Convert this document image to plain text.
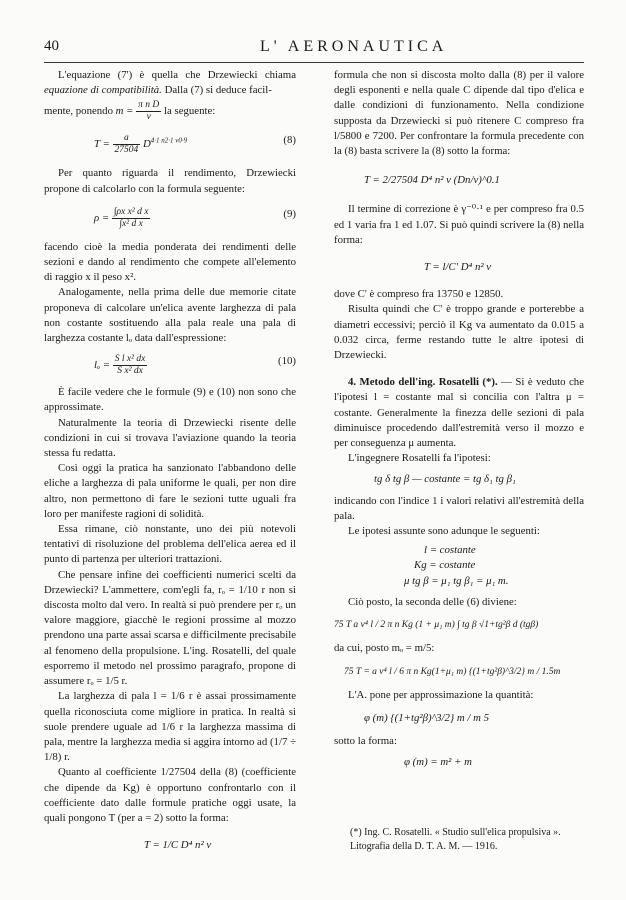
40	L' AERONAUTICA

L'equazione (7') è quella che Drzewiecki chiama equazione di compatibilità. Dalla (7) si deduce facil-

mente, ponendo $m = \frac{\text{π n D}}{v}$ la seguente:

$T = \frac{a}{27504} D^{4\cdot 1 n2\cdot 1 v0\cdot 9}$	(8)

Per quanto riguarda il rendimento, Drzewiecki propone di calcolarlo con la formula seguente:

$\rho = \frac{\text{∫ρx x² d x}}{\text{∫x² d x}}$	(9)

facendo cioè la media ponderata dei rendimenti delle sezioni e dando al rendimento che compete all'elemento di raggio x il peso x².

Analogamente, nella prima delle due memorie citate proponeva di calcolare un'elica avente larghezza di pala non costante sostituendo alla pala reale una pala di larghezza costante lₒ data dall'espressione:

$l_o = \frac{\text{S l x² dx}}{\text{S x² dx}}$	(10)

È facile vedere che le formule (9) e (10) non sono che approssimate.

Naturalmente la teoria di Drzewiecki risente delle condizioni in cui si trovava l'aviazione quando la teoria stessa fu redatta.

Così oggi la pratica ha sanzionato l'abbandono delle eliche a larghezza di pala uniforme le quali, per non dire altro, non permettono di fare le sezioni tutte uguali fra loro per manifeste ragioni di solidità.

Essa rimane, ciò nonstante, uno dei più notevoli tentativi di risoluzione del problema dell'elica aerea ed il punto di partenza per ulteriori trattazioni.

Che pensare infine dei coefficienti numerici scelti da Drzewiecki? L'ammettere, com'egli fa, rₒ = 1/10 r non si discosta molto dal vero. In realtà si può prendere per rₒ un valore maggiore, giacchè le regioni prossime al mozzo prendono una parte assai scarsa e difficilmente precisabile al fenomeno della propulsione. L'ing. Rosatelli, del quale esporremo il metodo nel prossimo paragrafo, propone di assumere rₒ = 1/5 r.

La larghezza di pala l = 1/6 r è assai prossimamente quella riconosciuta come migliore in pratica. In realtà si suole prendere uguale ad 1/6 r la larghezza massima di pala, mentre la larghezza media si aggira intorno ad (1/7 ÷ 1/8) r.

Quanto al coefficiente 1/27504 della (8) (coefficiente che dipende da Kg) è opportuno confrontarlo con il coefficiente dato dalle formule pratiche oggi usate, la quali pongono T (per a = 2) sotto la forma:

T = 1/C D⁴ n² v

formula che non si discosta molto dalla (8) per il valore degli esponenti e nella quale C dipende dal tipo d'elica e dalle condizioni di funzionamento. Nella condizione supposta da Drzewiecki si può ritenere C compreso fra l/5800 e 7200. Per confrontare la formula precedente con la (8) basta scrivere la (8) sotto la forma:

T = 2/27504 D⁴ n² v (Dn/v)^0.1

Il termine di correzione è γ⁻⁰·¹ e per compreso fra 0.5 ed 1 varia fra 1 ed 1.07. Si può quindi scrivere la (8) nella forma:

T = l/C' D⁴ n² v

dove C' è compreso fra 13750 e 12850.

Risulta quindi che C' è troppo grande e porterebbe a diametri eccessivi; perciò il Kg va aumentato da 0.015 a 0.032 circa, ferme restando tutte le altre ipotesi di Drzewiecki.

4. Metodo dell'ing. Rosatelli (*). — Si è veduto che l'ipotesi l = costante mal si concilia con l'altra μ = costante. Generalmente la finezza delle sezioni di pala diminuisce procedendo dall'estremità verso il mozzo e per conseguenza μ aumenta.

L'ingegnere Rosatelli fa l'ipotesi:

tg δ tg β — costante = tg δ₁ tg β₁

indicando con l'indice 1 i valori relativi all'estremità della pala.

Le ipotesi assunte sono adunque le seguenti:

l = costante
Kg = costante
μ tg β = μ₁ tg β₁ = μ₁ m.

Ciò posto, la seconda delle (6) diviene:

75 T a v⁴ l / 2 π n Kg (1 + μ₁ m) ∫ tg β √1+tg²β d (tgβ)

da cui, posto mₒ = m/5:

75 T = a v⁴ l / 6 π n Kg(1+μ₁ m) {(1+tg²β)^3/2} m / 1.5m

L'A. pone per approssimazione la quantità:

φ (m) {(1+tg²β)^3/2} m / m 5

sotto la forma:

φ (m) = m² + m
(*) Ing. C. Rosatelli. « Studio sull'elica propulsiva ». Litografia della D. T. A. M. — 1916.
